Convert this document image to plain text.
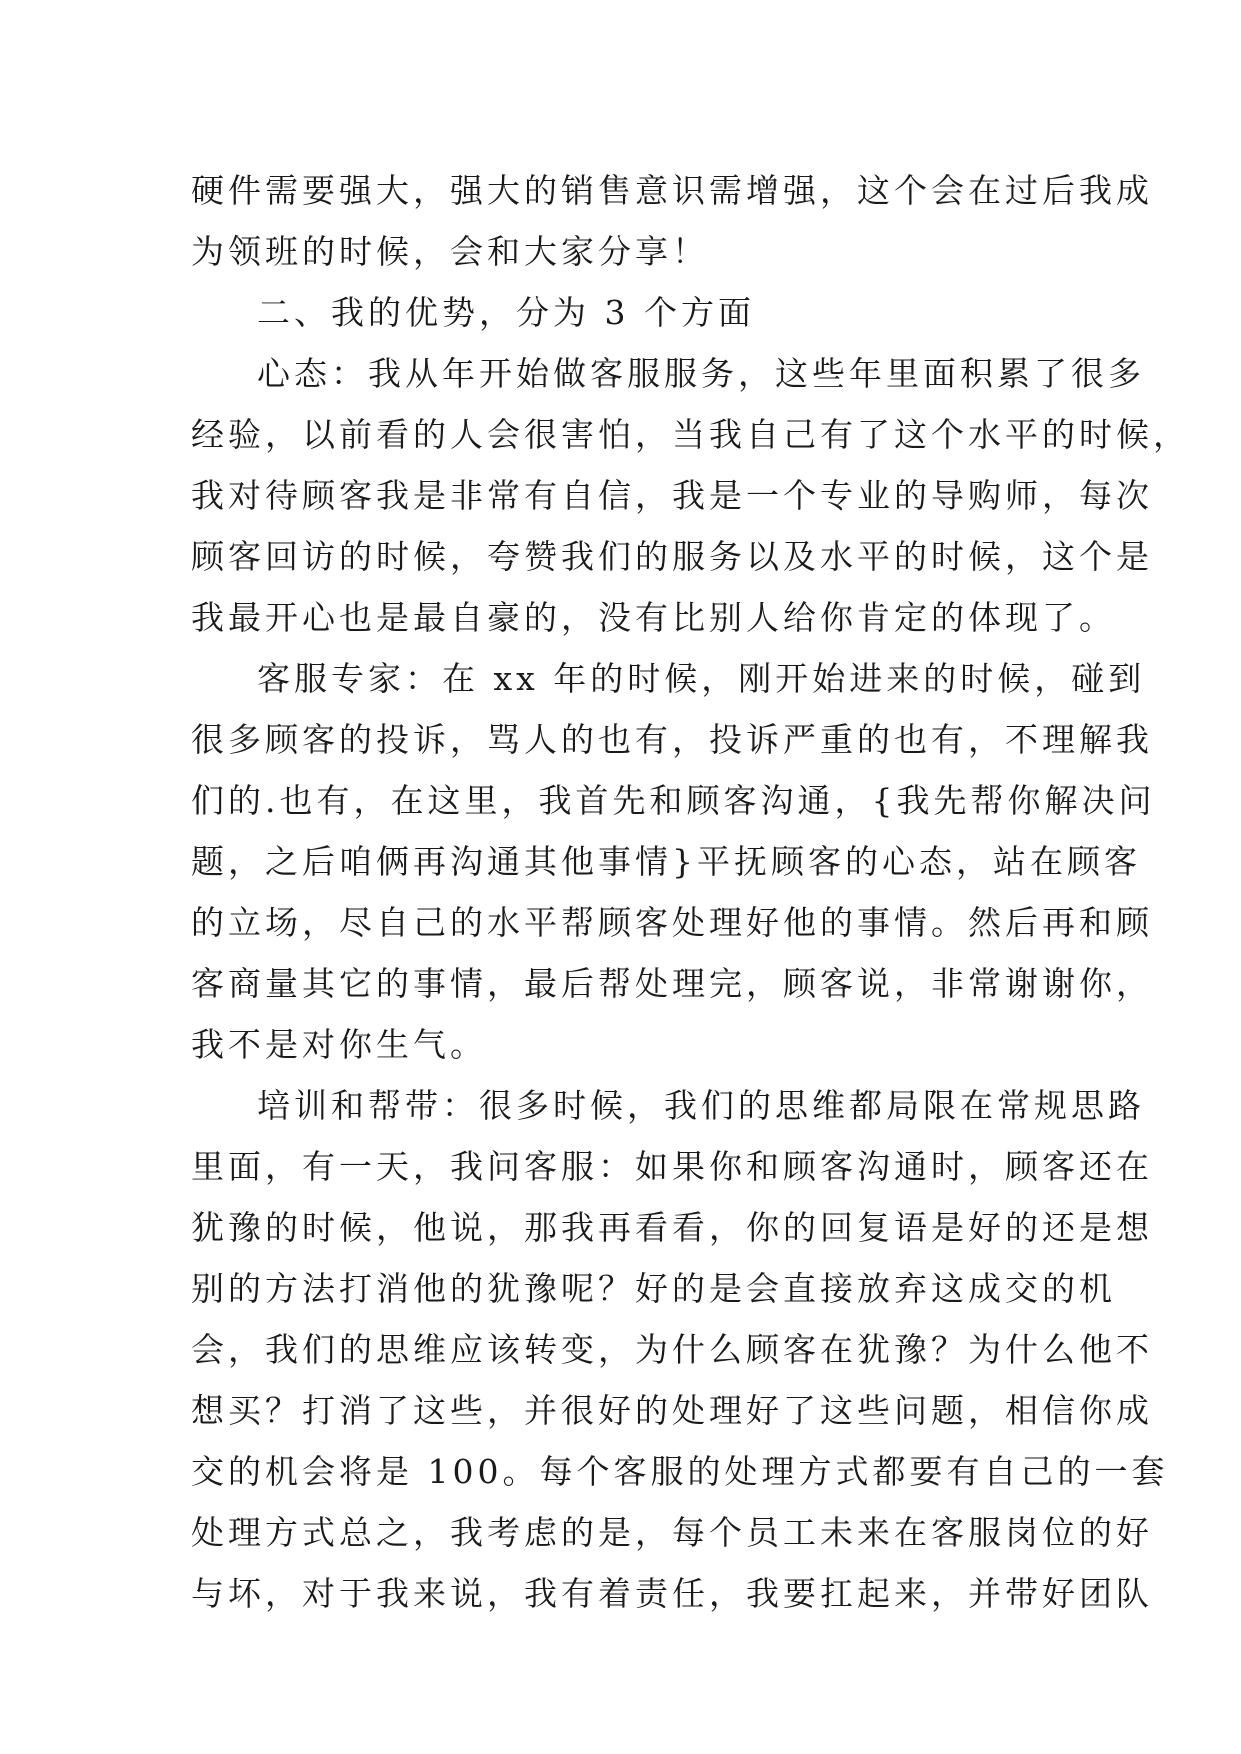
硬件需要强大，强大的销售意识需增强，这个会在过后我成
为领班的时候，会和大家分享！
二、我的优势，分为 3 个方面
心态：我从年开始做客服服务，这些年里面积累了很多
经验，以前看的人会很害怕，当我自己有了这个水平的时候，
我对待顾客我是非常有自信，我是一个专业的导购师，每次
顾客回访的时候，夸赞我们的服务以及水平的时候，这个是
我最开心也是最自豪的，没有比别人给你肯定的体现了。
客服专家：在 xx 年的时候，刚开始进来的时候，碰到
很多顾客的投诉，骂人的也有，投诉严重的也有，不理解我
们的.也有，在这里，我首先和顾客沟通，{我先帮你解决问
题，之后咱俩再沟通其他事情}平抚顾客的心态，站在顾客
的立场，尽自己的水平帮顾客处理好他的事情。然后再和顾
客商量其它的事情，最后帮处理完，顾客说，非常谢谢你，
我不是对你生气。
培训和帮带：很多时候，我们的思维都局限在常规思路
里面，有一天，我问客服：如果你和顾客沟通时，顾客还在
犹豫的时候，他说，那我再看看，你的回复语是好的还是想
别的方法打消他的犹豫呢？好的是会直接放弃这成交的机
会，我们的思维应该转变，为什么顾客在犹豫？为什么他不
想买？打消了这些，并很好的处理好了这些问题，相信你成
交的机会将是 100。每个客服的处理方式都要有自己的一套
处理方式总之，我考虑的是，每个员工未来在客服岗位的好
与坏，对于我来说，我有着责任，我要扛起来，并带好团队
